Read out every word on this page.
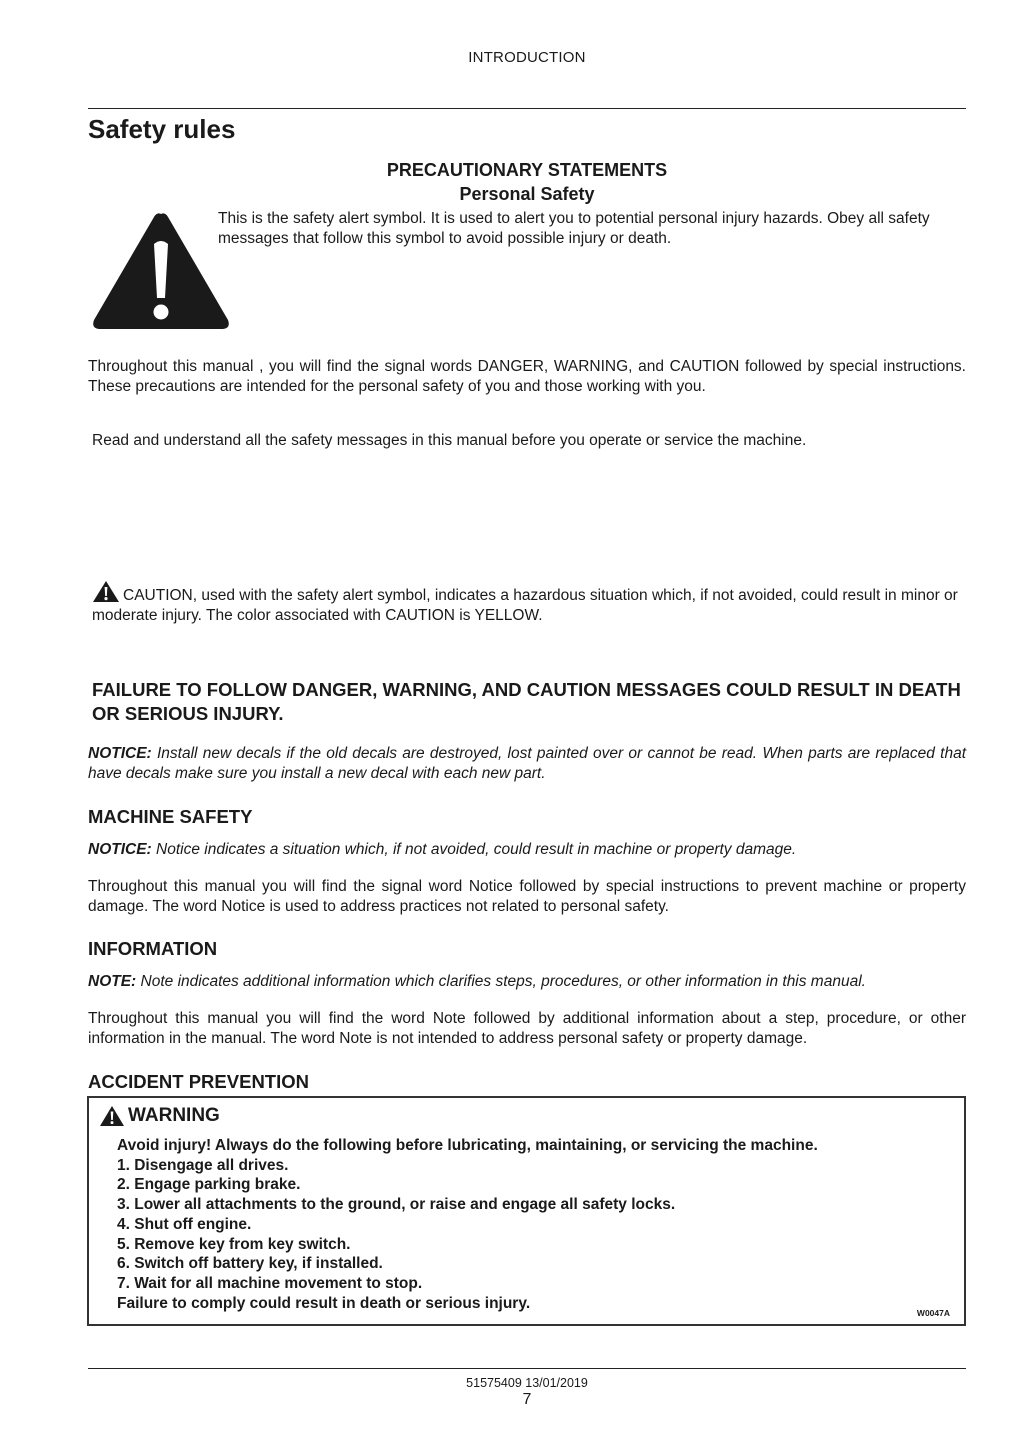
INTRODUCTION
Safety rules
PRECAUTIONARY STATEMENTS
Personal Safety
This is the safety alert symbol. It is used to alert you to potential personal injury hazards. Obey all safety messages that follow this symbol to avoid possible injury or death.
Throughout this manual , you will find the signal words DANGER, WARNING, and CAUTION followed by special instructions. These precautions are intended for the personal safety of you and those working with you.
Read and understand all the safety messages in this manual before you operate or service the machine.
CAUTION, used with the safety alert symbol, indicates a hazardous situation which, if not avoided, could result in minor or moderate injury. The color associated with CAUTION is YELLOW.
FAILURE TO FOLLOW DANGER, WARNING, AND CAUTION MESSAGES COULD RESULT IN DEATH OR SERIOUS INJURY.
NOTICE: Install new decals if the old decals are destroyed, lost painted over or cannot be read. When parts are replaced that have decals make sure you install a new decal with each new part.
MACHINE SAFETY
NOTICE: Notice indicates a situation which, if not avoided, could result in machine or property damage.
Throughout this manual you will find the signal word Notice followed by special instructions to prevent machine or property damage. The word Notice is used to address practices not related to personal safety.
INFORMATION
NOTE: Note indicates additional information which clarifies steps, procedures, or other information in this manual.
Throughout this manual you will find the word Note followed by additional information about a step, procedure, or other information in the manual. The word Note is not intended to address personal safety or property damage.
ACCIDENT PREVENTION
WARNING
Avoid injury! Always do the following before lubricating, maintaining, or servicing the machine.
1. Disengage all drives.
2. Engage parking brake.
3. Lower all attachments to the ground, or raise and engage all safety locks.
4. Shut off engine.
5. Remove key from key switch.
6. Switch off battery key, if installed.
7. Wait for all machine movement to stop.
Failure to comply could result in death or serious injury.
W0047A
51575409 13/01/2019
7
